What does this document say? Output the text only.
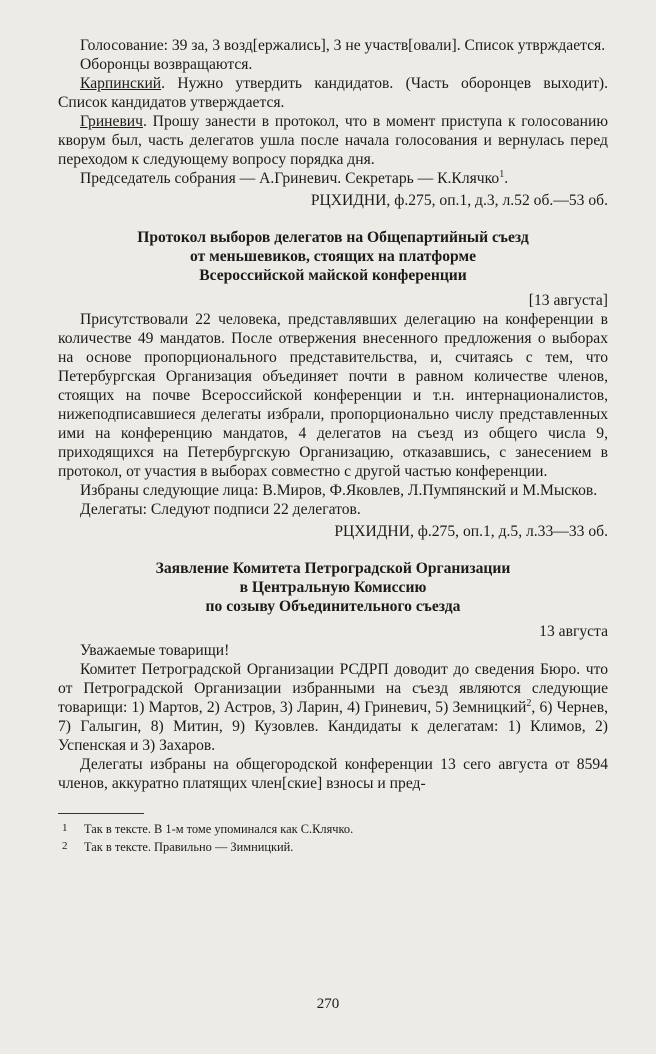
Голосование: 39 за, 3 возд[ержались], 3 не участв[овали]. Список утврждается.

Оборонцы возвращаются.

Карпинский. Нужно утвердить кандидатов. (Часть оборонцев выходит). Список кандидатов утверждается.

Гриневич. Прошу занести в протокол, что в момент приступа к голосованию кворум был, часть делегатов ушла после начала голосования и вернулась перед переходом к следующему вопросу порядка дня.

Председатель собрания — А.Гриневич. Секретарь — К.Клячко$^1$.

РЦХИДНИ, ф.275, оп.1, д.3, л.52 об.—53 об.

Протокол выборов делегатов на Общепартийный съезд
от меньшевиков, стоящих на платформе
Всероссийской майской конференции

[13 августа]

Присутствовали 22 человека, представлявших делегацию на конференции в количестве 49 мандатов. После отвержения внесенного предложения о выборах на основе пропорционального представительства, и, считаясь с тем, что Петербургская Организация объединяет почти в равном количестве членов, стоящих на почве Всероссийской конференции и т.н. интернационалистов, нижеподписавшиеся делегаты избрали, пропорционально числу представленных ими на конференцию мандатов, 4 делегатов на съезд из общего числа 9, приходящихся на Петербургскую Организацию, отказавшись, с занесением в протокол, от участия в выборах совместно с другой частью конференции.

Избраны следующие лица: В.Миров, Ф.Яковлев, Л.Пумпянский и М.Мысков.

Делегаты: Следуют подписи 22 делегатов.

РЦХИДНИ, ф.275, оп.1, д.5, л.33—33 об.

Заявление Комитета Петроградской Организации
в Центральную Комиссию
по созыву Объединительного съезда

13 августа

Уважаемые товарищи!

Комитет Петроградской Организации РСДРП доводит до сведения Бюро. что от Петроградской Организации избранными на съезд являются следующие товарищи: 1) Мартов, 2) Астров, 3) Ларин, 4) Гриневич, 5) Земницкий$^2$, 6) Чернев, 7) Галыгин, 8) Митин, 9) Кузовлев. Кандидаты к делегатам: 1) Климов, 2) Успенская и 3) Захаров.

Делегаты избраны на общегородской конференции 13 сего августа от 8594 членов, аккуратно платящих член[ские] взносы и пред-

1 Так в тексте. В 1-м томе упоминался как С.Клячко.
2 Так в тексте. Правильно — Зимницкий.
270
